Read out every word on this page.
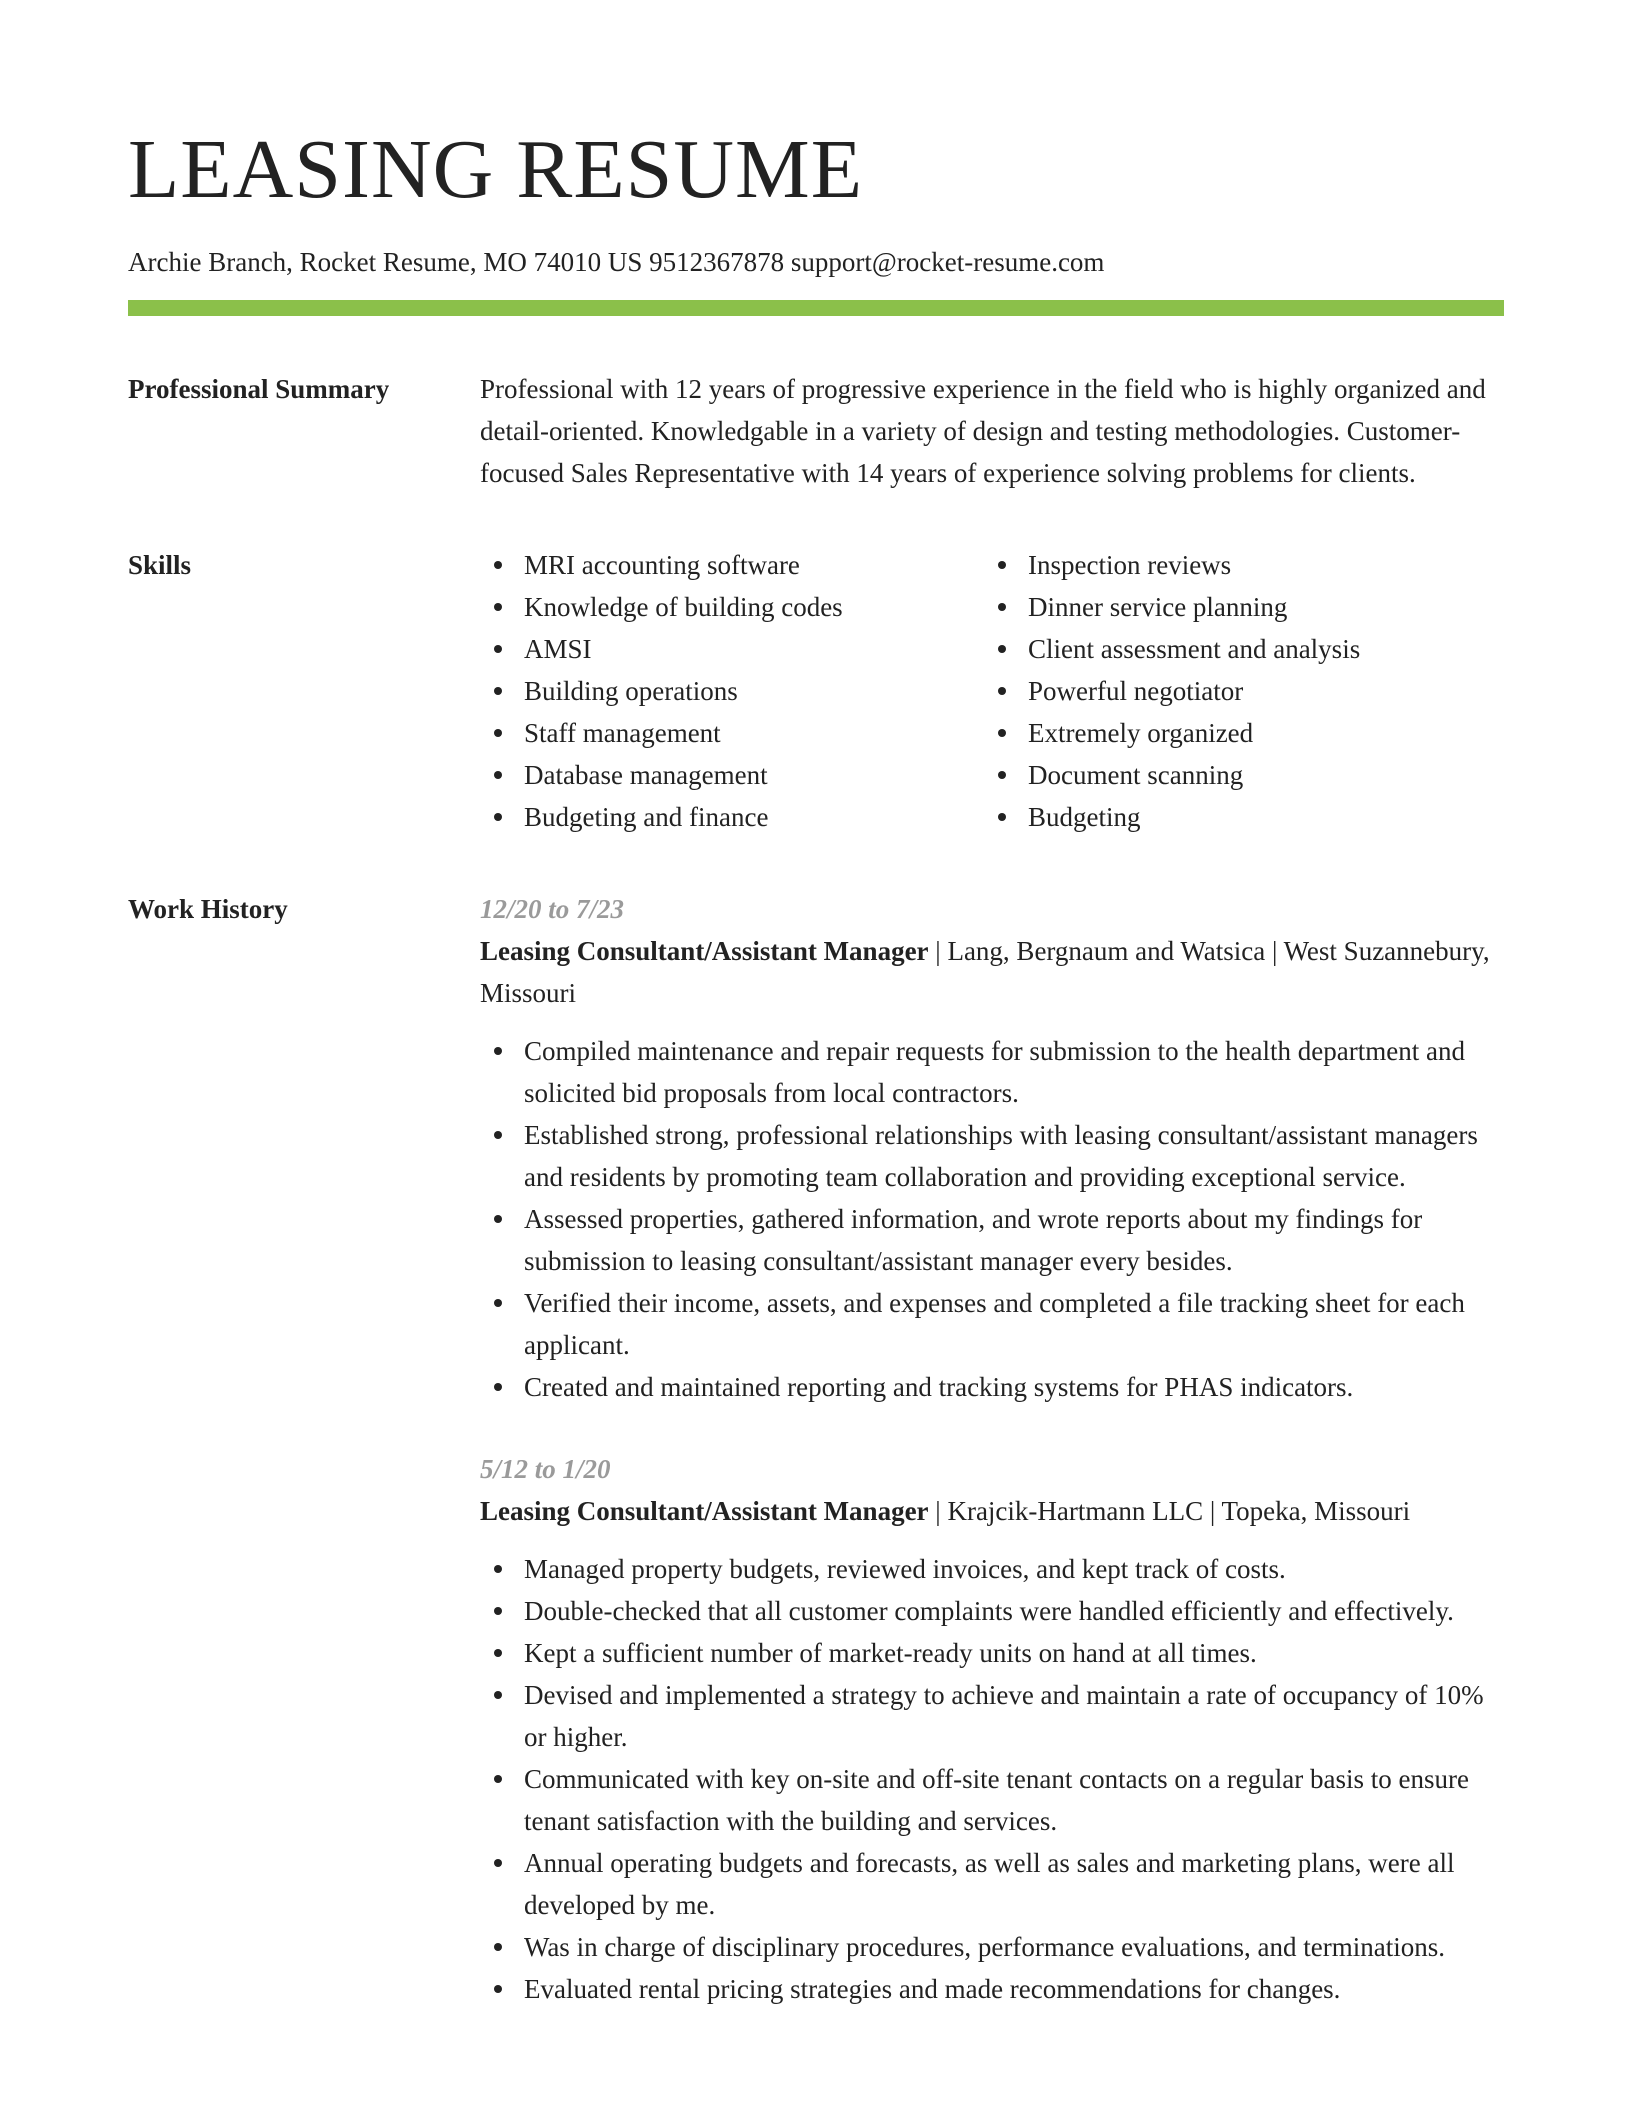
LEASING RESUME
Archie Branch, Rocket Resume, MO 74010 US 9512367878 support@rocket-resume.com
Professional Summary	Professional with 12 years of progressive experience in the field who is highly organized and detail-oriented. Knowledgable in a variety of design and testing methodologies. Customer-focused Sales Representative with 14 years of experience solving problems for clients.
Skills	MRI accounting software
Knowledge of building codes
AMSI
Building operations
Staff management
Database management
Budgeting and finance
Inspection reviews
Dinner service planning
Client assessment and analysis
Powerful negotiator
Extremely organized
Document scanning
Budgeting
Work History	12/20 to 7/23
Leasing Consultant/Assistant Manager | Lang, Bergnaum and Watsica | West Suzannebury, Missouri
Compiled maintenance and repair requests for submission to the health department and solicited bid proposals from local contractors.
Established strong, professional relationships with leasing consultant/assistant managers and residents by promoting team collaboration and providing exceptional service.
Assessed properties, gathered information, and wrote reports about my findings for submission to leasing consultant/assistant manager every besides.
Verified their income, assets, and expenses and completed a file tracking sheet for each applicant.
Created and maintained reporting and tracking systems for PHAS indicators.
5/12 to 1/20
Leasing Consultant/Assistant Manager | Krajcik-Hartmann LLC | Topeka, Missouri
Managed property budgets, reviewed invoices, and kept track of costs.
Double-checked that all customer complaints were handled efficiently and effectively.
Kept a sufficient number of market-ready units on hand at all times.
Devised and implemented a strategy to achieve and maintain a rate of occupancy of 10% or higher.
Communicated with key on-site and off-site tenant contacts on a regular basis to ensure tenant satisfaction with the building and services.
Annual operating budgets and forecasts, as well as sales and marketing plans, were all developed by me.
Was in charge of disciplinary procedures, performance evaluations, and terminations.
Evaluated rental pricing strategies and made recommendations for changes.
